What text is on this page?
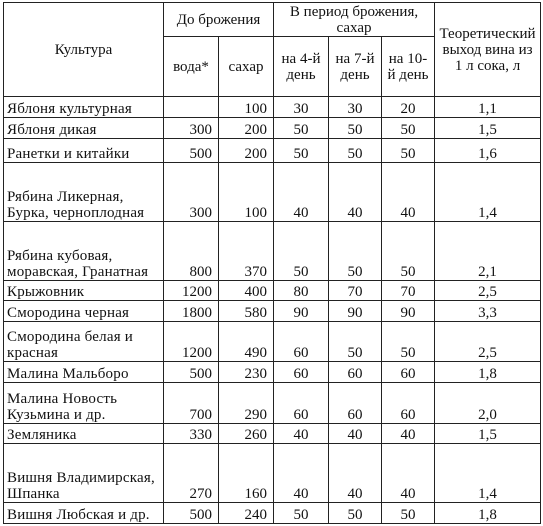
Культура	До брожения		В период брожения, сахар			Теоретический выход вина из 1 л сока, л
	вода*	сахар	на 4-й день	на 7-й день	на 10-й день	
Яблоня культурная		100	30	30	20	1,1
Яблоня дикая	300	200	50	50	50	1,5
Ранетки и китайки	500	200	50	50	50	1,6
Рябина Ликерная, Бурка, черноплодная	300	100	40	40	40	1,4
Рябина кубовая, моравская, Гранатная	800	370	50	50	50	2,1
Крыжовник	1200	400	80	70	70	2,5
Смородина черная	1800	580	90	90	90	3,3
Смородина белая и красная	1200	490	60	50	50	2,5
Малина Мальборо	500	230	60	60	60	1,8
Малина Новость Кузьмина и др.	700	290	60	60	60	2,0
Земляника	330	260	40	40	40	1,5
Вишня Владимирская, Шпанка	270	160	40	40	40	1,4
Вишня Любская и др.	500	240	50	50	50	1,8
